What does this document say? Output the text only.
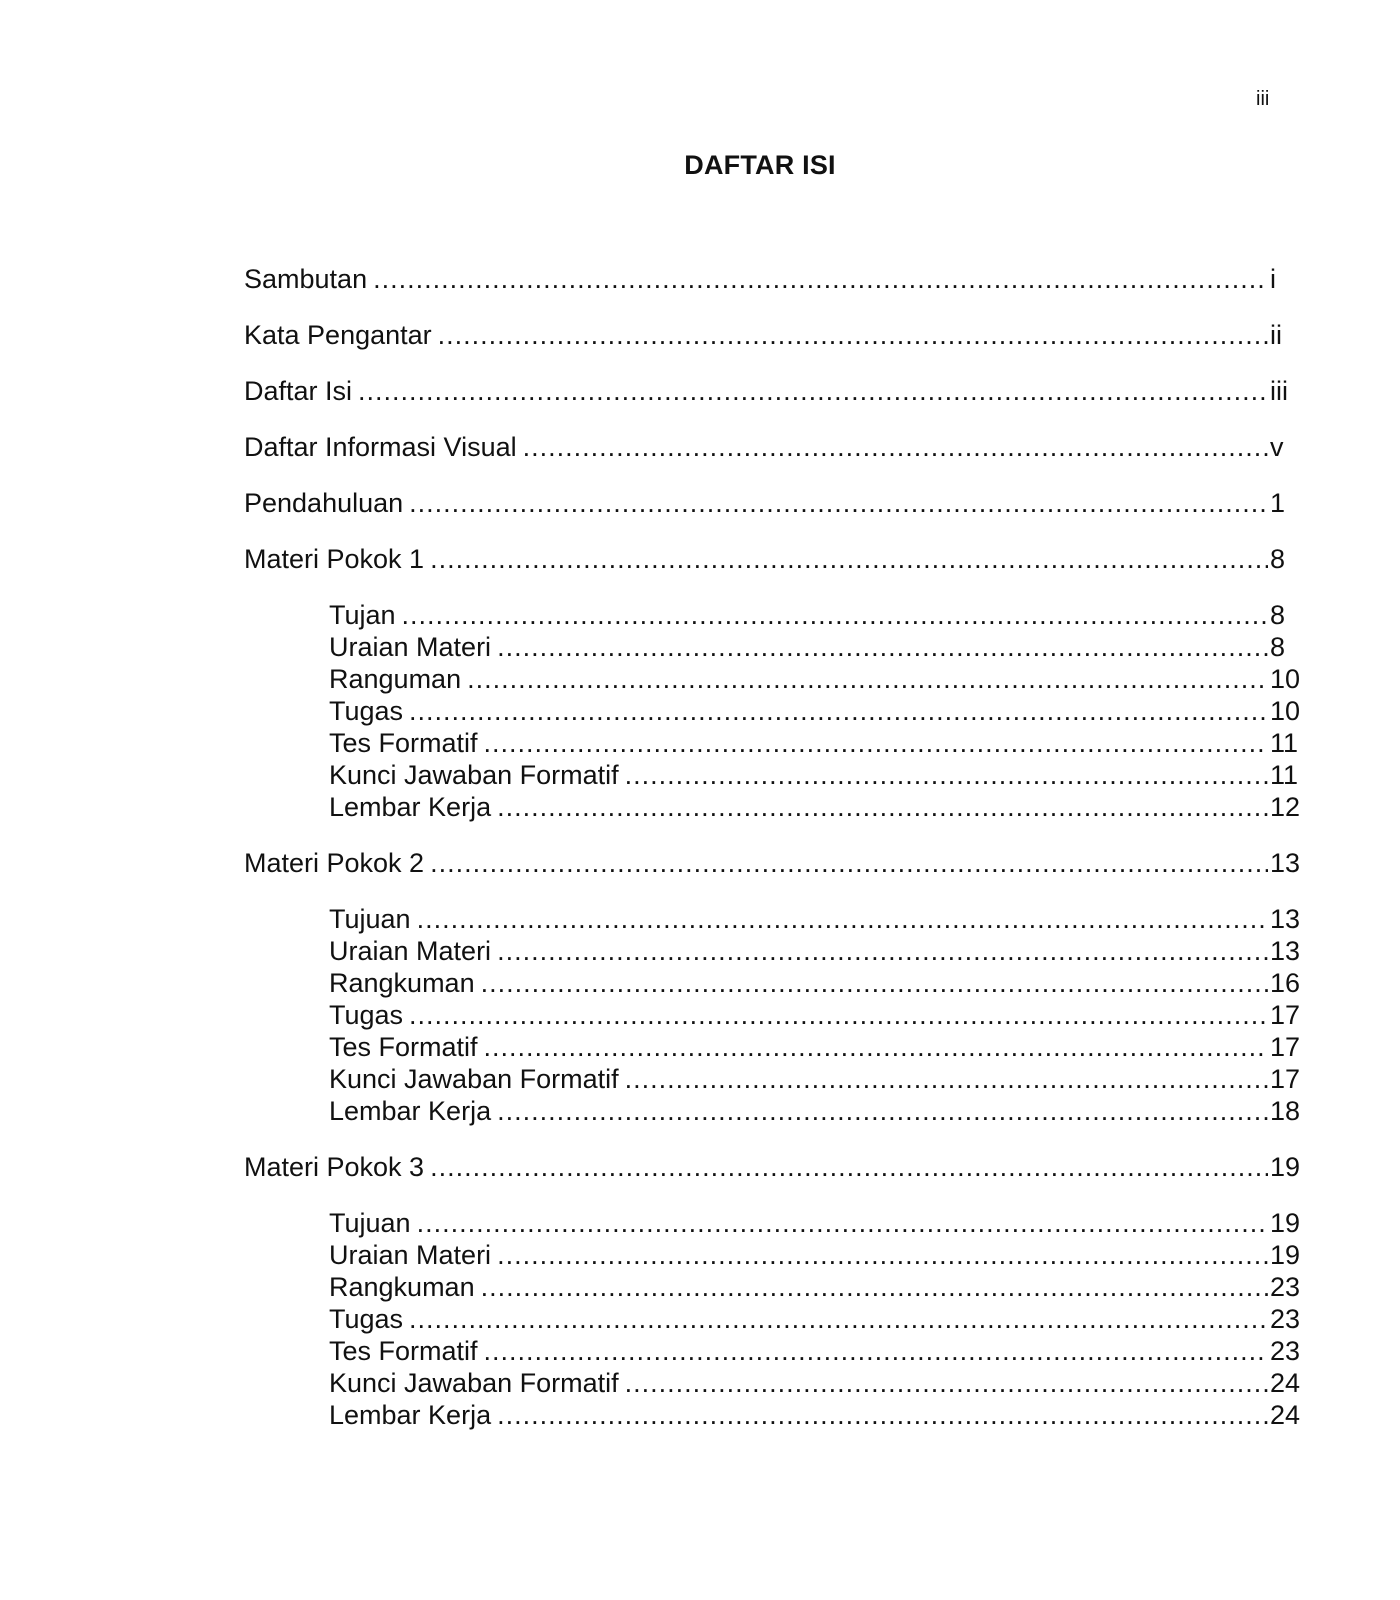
iii
DAFTAR ISI
Sambutan .....	i
Kata Pengantar .....	ii
Daftar Isi .....	iii
Daftar Informasi Visual .....	v
Pendahuluan .....	1
Materi Pokok 1 .....	8
Tujan .....	8
Uraian Materi .....	8
Ranguman .....	10
Tugas .....	10
Tes Formatif .....	11
Kunci Jawaban Formatif .....	11
Lembar Kerja .....	12
Materi Pokok 2 .....	13
Tujuan .....	13
Uraian Materi .....	13
Rangkuman .....	16
Tugas .....	17
Tes Formatif .....	17
Kunci Jawaban Formatif .....	17
Lembar Kerja .....	18
Materi Pokok 3 .....	19
Tujuan .....	19
Uraian Materi .....	19
Rangkuman .....	23
Tugas .....	23
Tes Formatif .....	23
Kunci Jawaban Formatif .....	24
Lembar Kerja .....	24
